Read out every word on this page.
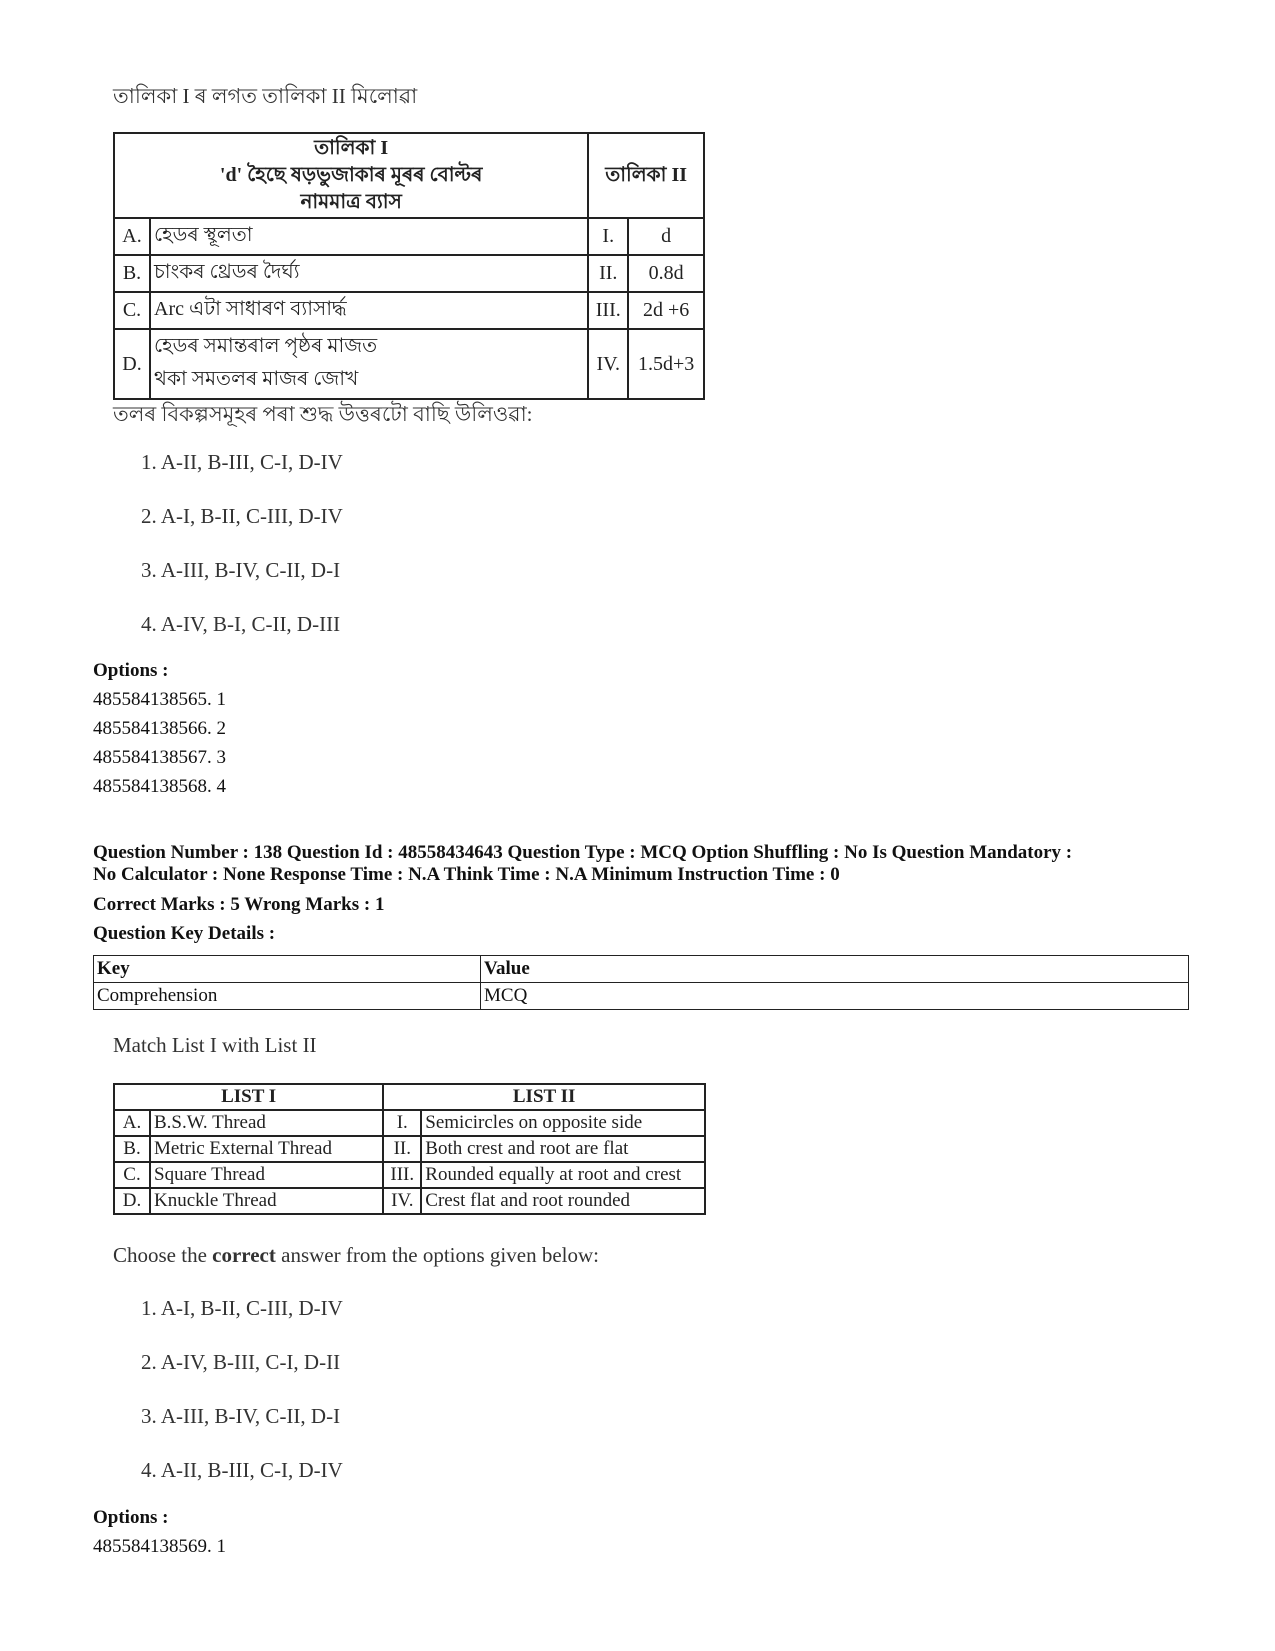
তালিকা I ৰ লগত তালিকা II মিলোৱা
তালিকা I
'd' হৈছে ষড়ভুজাকাৰ মূৰৰ বোল্টৰ
নামমাত্র ব্যাস		তালিকা II	
A.	হেডৰ স্থূলতা	I.	d
B.	চাংকৰ থ্রেডৰ দৈর্ঘ্য	II.	0.8d
C.	Arc এটা সাধাৰণ ব্যাসার্দ্ধ	III.	2d +6
D.	হেডৰ সমান্তৰাল পৃষ্ঠৰ মাজত
থকা সমতলৰ মাজৰ জোখ	IV.	1.5d+3
তলৰ বিকল্পসমূহৰ পৰা শুদ্ধ উত্তৰটো বাছি উলিওৱা:
1. A-II, B-III, C-I, D-IV
2. A-I, B-II, C-III, D-IV
3. A-III, B-IV, C-II, D-I
4. A-IV, B-I, C-II, D-III
Options :
485584138565. 1
485584138566. 2
485584138567. 3
485584138568. 4
Question Number : 138 Question Id : 48558434643 Question Type : MCQ Option Shuffling : No Is Question Mandatory :
No Calculator : None Response Time : N.A Think Time : N.A Minimum Instruction Time : 0
Correct Marks : 5 Wrong Marks : 1
Question Key Details :
Key	Value
Comprehension	MCQ
Match List I with List II
LIST I		LIST II	
A.	B.S.W. Thread	I.	Semicircles on opposite side
B.	Metric External Thread	II.	Both crest and root are flat
C.	Square Thread	III.	Rounded equally at root and crest
D.	Knuckle Thread	IV.	Crest flat and root rounded
Choose the correct answer from the options given below:
1. A-I, B-II, C-III, D-IV
2. A-IV, B-III, C-I, D-II
3. A-III, B-IV, C-II, D-I
4. A-II, B-III, C-I, D-IV
Options :
485584138569. 1
